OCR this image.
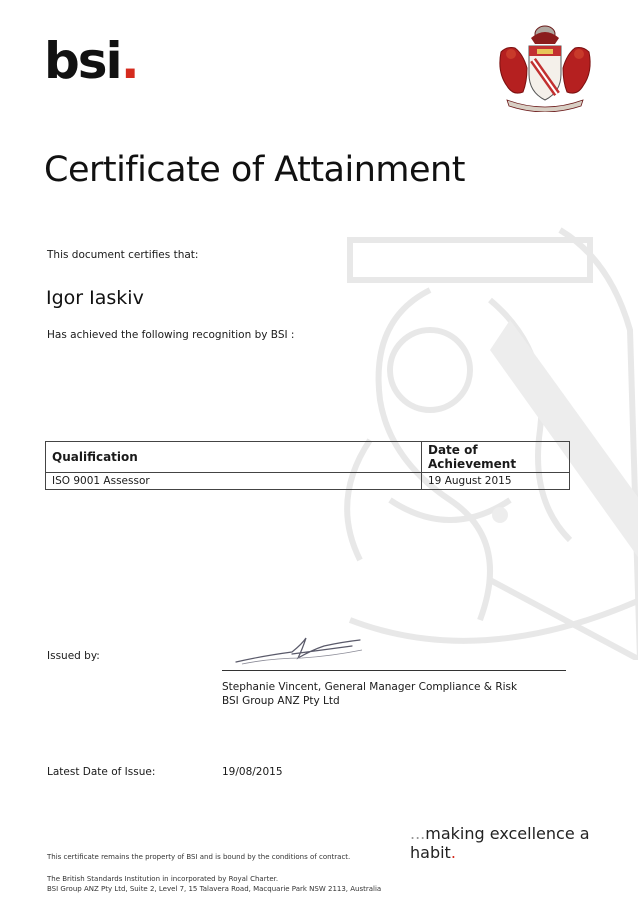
bsi.
Certificate of Attainment
This document certifies that:
Igor Iaskiv
Has achieved the following recognition by BSI :
Qualification	Date of Achievement
ISO 9001 Assessor	19 August 2015
Issued by:
Stephanie Vincent, General Manager Compliance & Risk
BSI Group ANZ Pty Ltd
Latest Date of Issue:	19/08/2015
...making excellence a habit.
This certificate remains the property of BSI and is bound by the conditions of contract.
The British Standards Institution in incorporated by Royal Charter.
BSI Group ANZ Pty Ltd, Suite 2, Level 7, 15 Talavera Road, Macquarie Park NSW 2113, Australia
